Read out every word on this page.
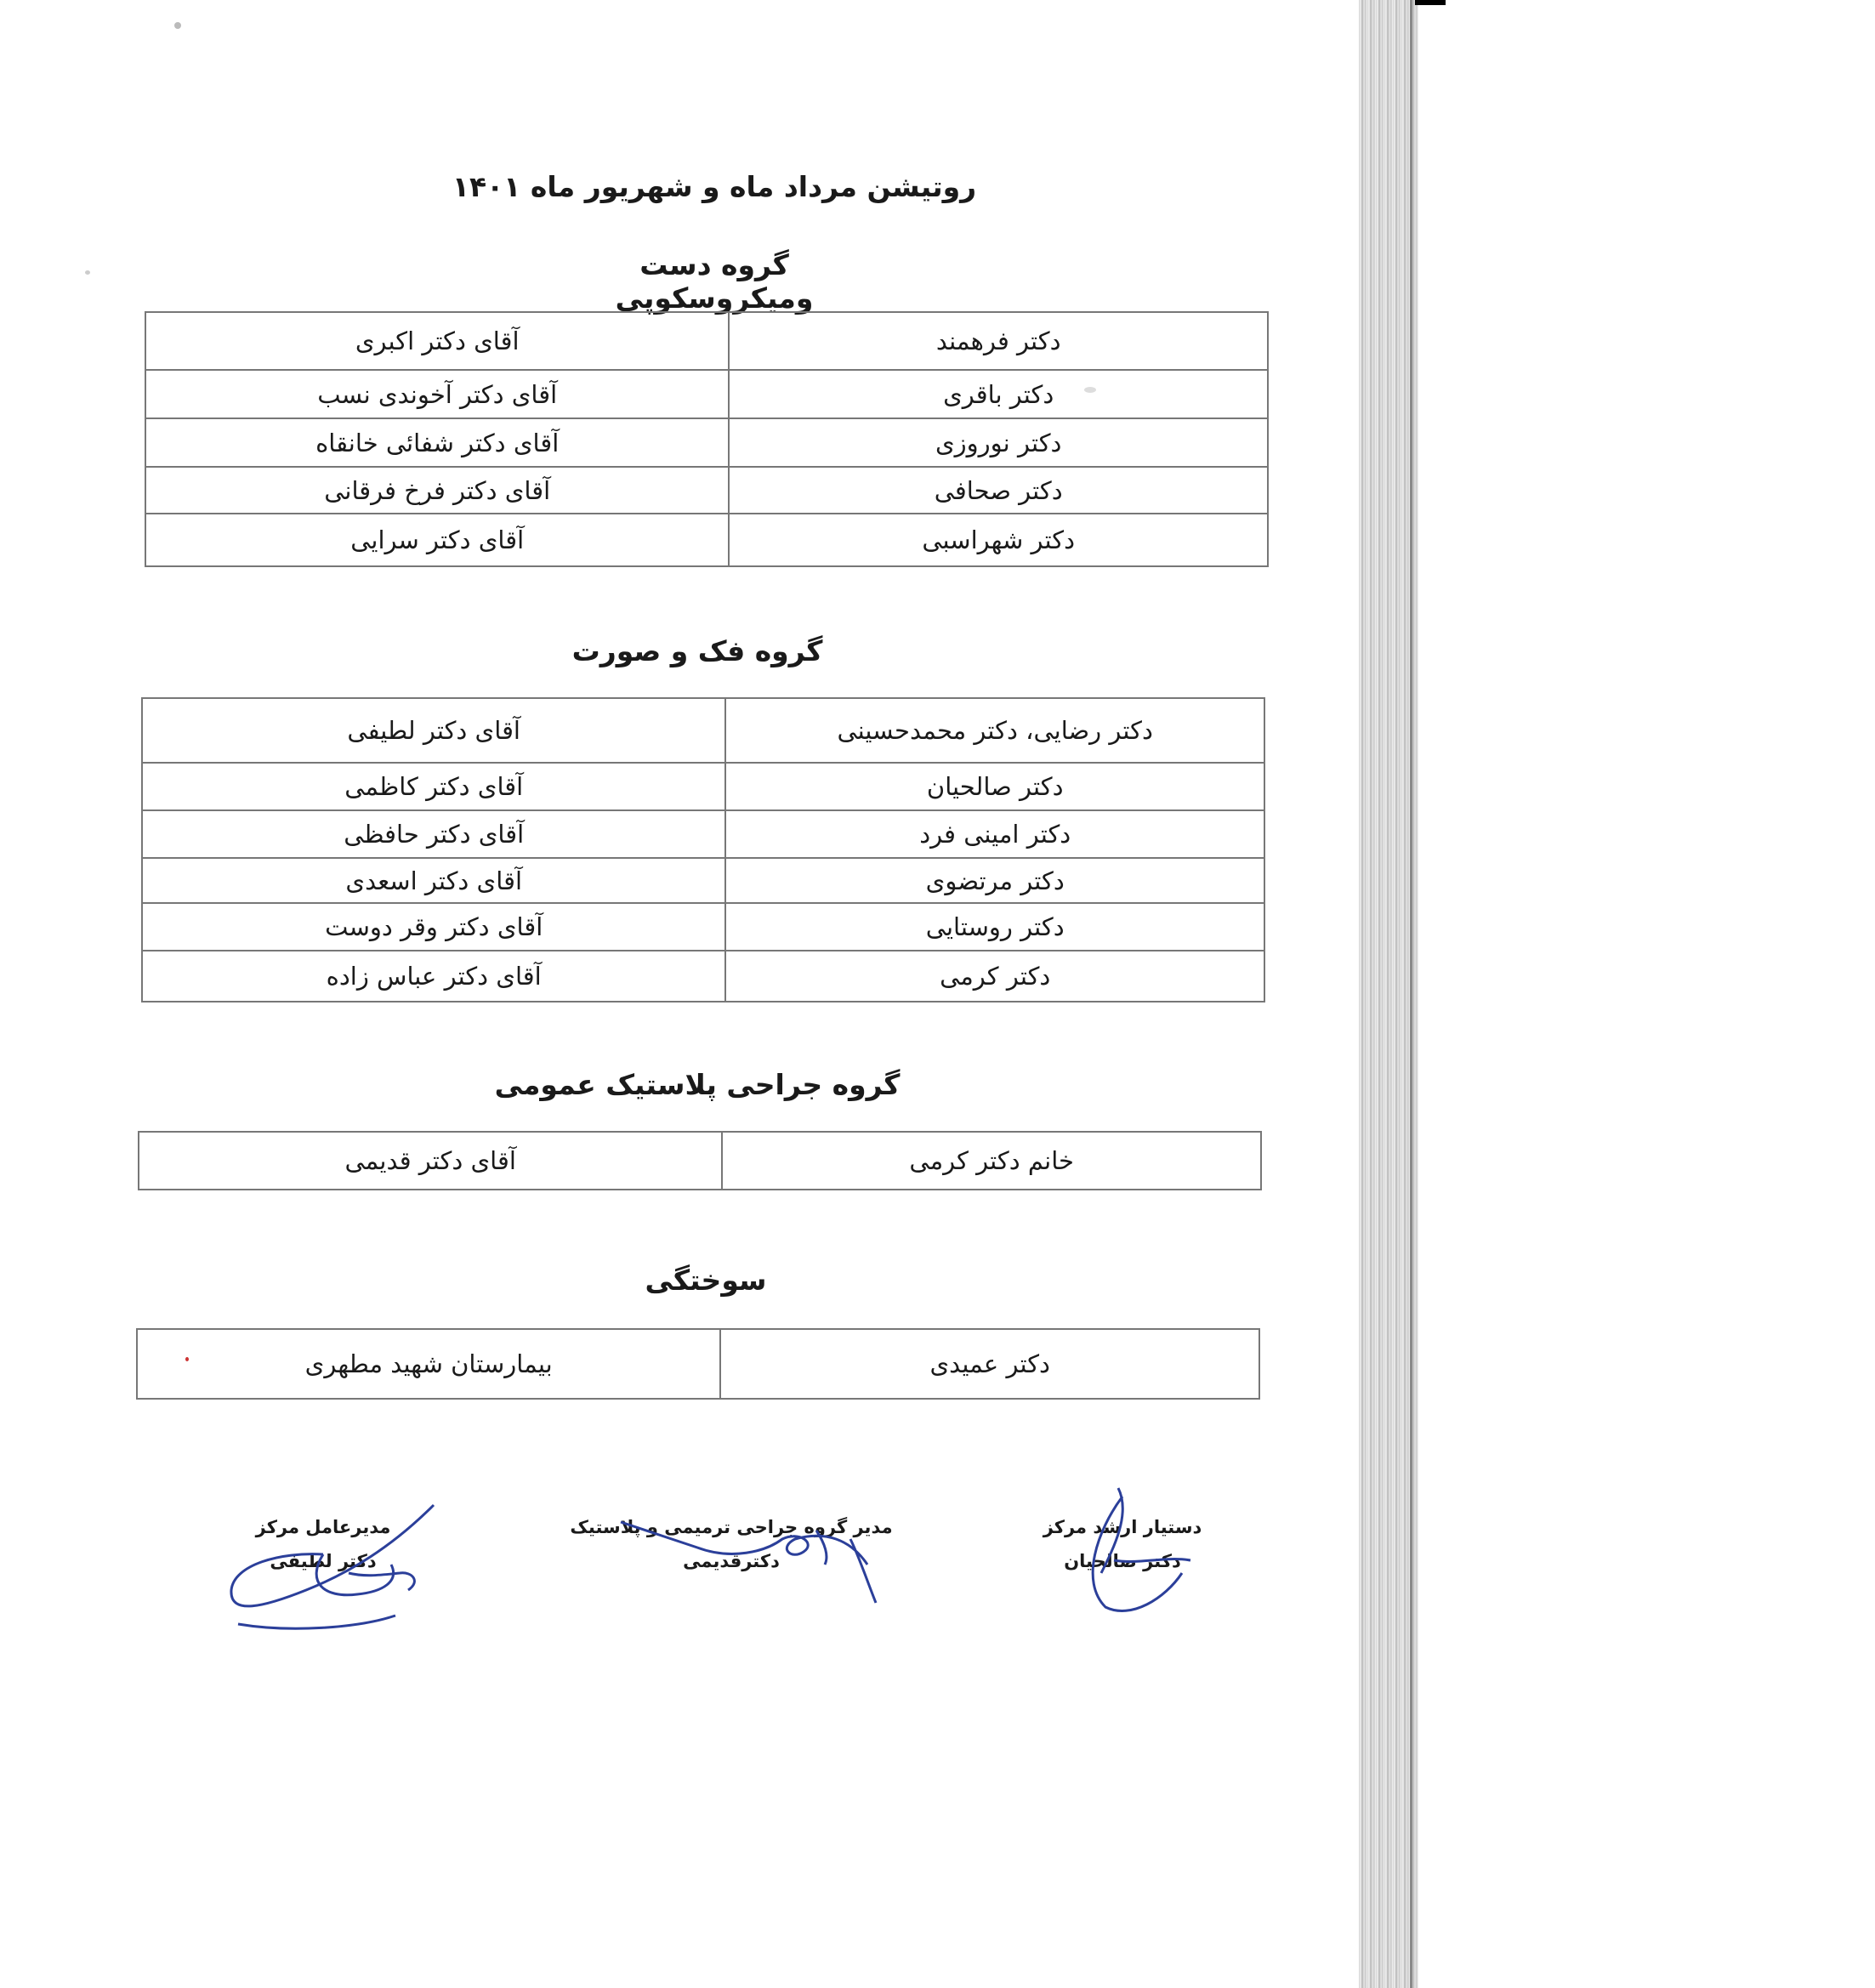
روتیشن مرداد ماه و شهریور ماه ۱۴۰۱
گروه دست ومیکروسکوپی
دکتر فرهمند	آقای دکتر اکبری
دکتر باقری	آقای دکتر آخوندی نسب
دکتر نوروزی	آقای دکتر شفائی خانقاه
دکتر صحافی	آقای دکتر فرخ فرقانی
دکتر شهراسبی	آقای دکتر سرایی
گروه فک و صورت
دکتر رضایی، دکتر محمدحسینی	آقای دکتر لطیفی
دکتر صالحیان	آقای دکتر کاظمی
دکتر امینی فرد	آقای دکتر حافظی
دکتر مرتضوی	آقای دکتر اسعدی
دکتر روستایی	آقای دکتر وقر دوست
دکتر کرمی	آقای دکتر عباس زاده
گروه جراحی پلاستیک عمومی
خانم دکتر کرمی	آقای دکتر قدیمی
سوختگی
دکتر عمیدی	بیمارستان شهید مطهری
دستیار ارشد مرکز
دکتر صالحیان
مدیر گروه جراحی ترمیمی و پلاستیک
دکترقدیمی
مدیرعامل مرکز
دکتر لطیفی
